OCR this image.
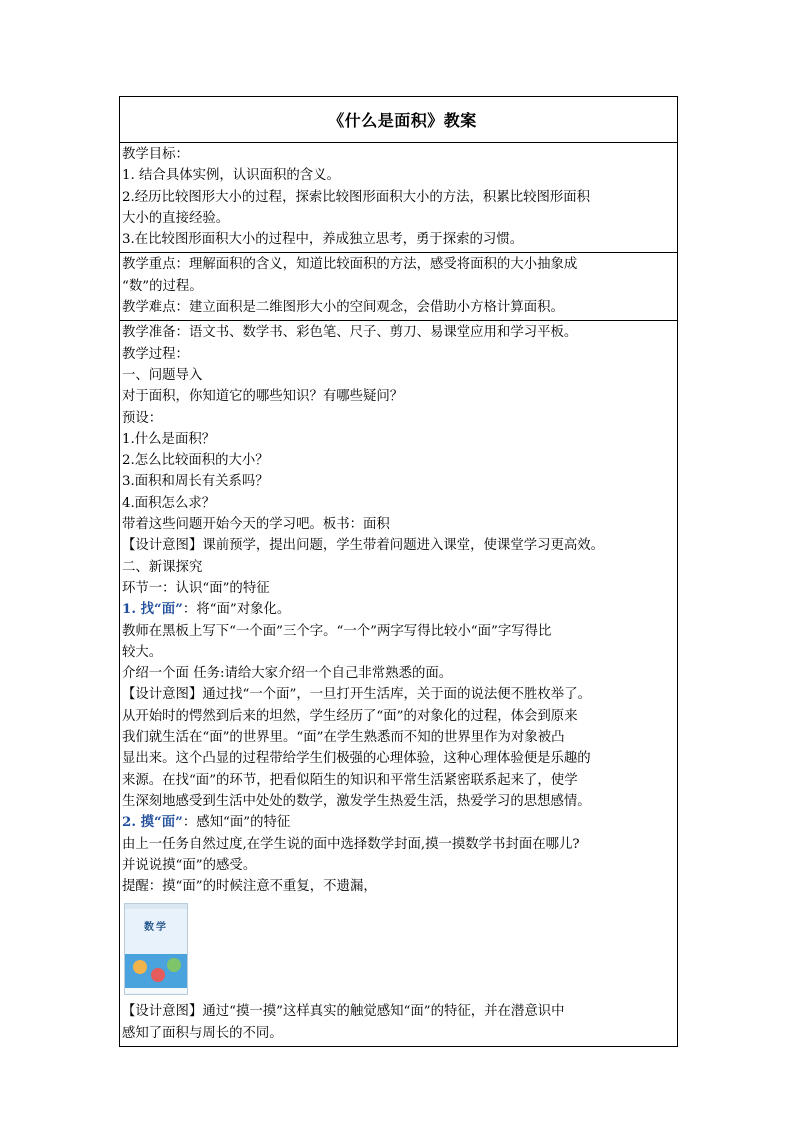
《什么是面积》教案
教学目标：
1. 结合具体实例，认识面积的含义。
2.经历比较图形大小的过程，探索比较图形面积大小的方法，积累比较图形面积
大小的直接经验。
3.在比较图形面积大小的过程中，养成独立思考，勇于探索的习惯。
教学重点：理解面积的含义，知道比较面积的方法，感受将面积的大小抽象成
“数”的过程。
教学难点：建立面积是二维图形大小的空间观念，会借助小方格计算面积。
教学准备：语文书、数学书、彩色笔、尺子、剪刀、易课堂应用和学习平板。
教学过程：
一、问题导入
对于面积，你知道它的哪些知识？有哪些疑问？
预设：
1.什么是面积？
2.怎么比较面积的大小？
3.面积和周长有关系吗？
4.面积怎么求？
带着这些问题开始今天的学习吧。板书：面积
【设计意图】课前预学，提出问题，学生带着问题进入课堂，使课堂学习更高效。
二、新课探究
环节一：认识“面”的特征
1. 找“面”：将“面”对象化。
教师在黑板上写下“一个面”三个字。“一个”两字写得比较小“面”字写得比
较大。
介绍一个面 任务:请给大家介绍一个自己非常熟悉的面。
【设计意图】通过找“一个面”，一旦打开生活库，关于面的说法便不胜枚举了。
从开始时的愕然到后来的坦然，学生经历了“面”的对象化的过程，体会到原来
我们就生活在“面”的世界里。“面”在学生熟悉而不知的世界里作为对象被凸
显出来。这个凸显的过程带给学生们极强的心理体验，这种心理体验便是乐趣的
来源。在找“面”的环节，把看似陌生的知识和平常生活紧密联系起来了，使学
生深刻地感受到生活中处处的数学，激发学生热爱生活，热爱学习的思想感情。
2. 摸“面”：感知“面”的特征
由上一任务自然过度,在学生说的面中选择数学封面,摸一摸数学书封面在哪儿?
并说说摸“面”的感受。
提醒：摸“面”的时候注意不重复，不遗漏，
数学
【设计意图】通过“摸一摸”这样真实的触觉感知“面”的特征，并在潜意识中
感知了面积与周长的不同。
